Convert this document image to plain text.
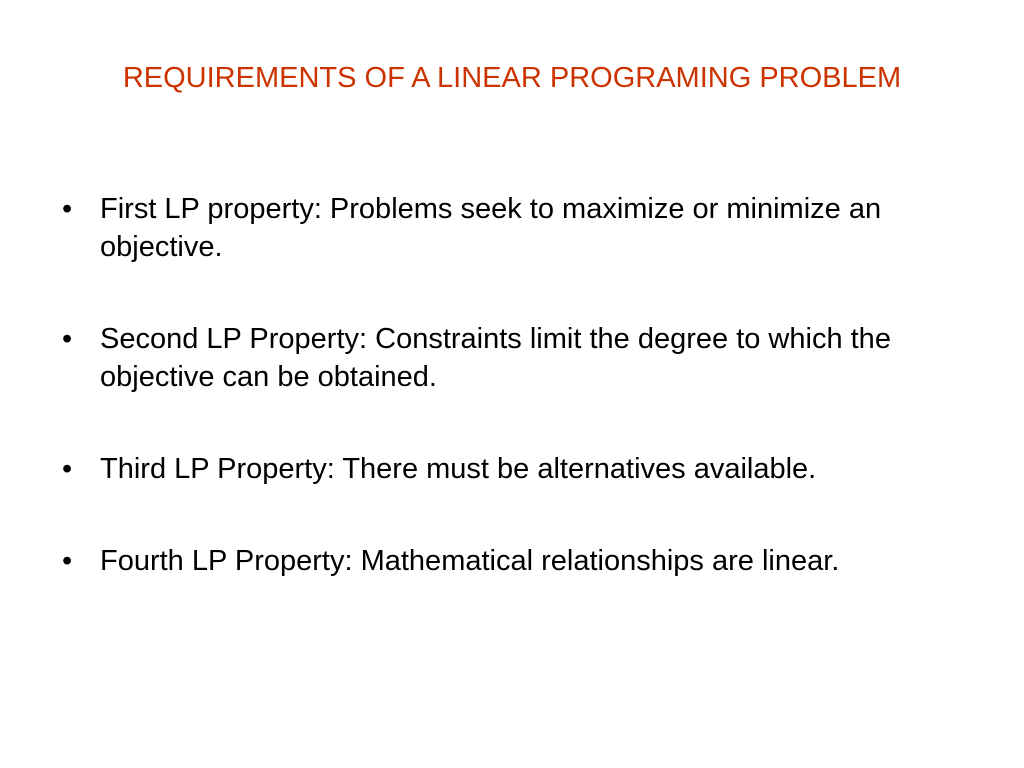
REQUIREMENTS OF A LINEAR PROGRAMING PROBLEM
• First LP property: Problems seek to maximize or minimize an objective.
• Second LP Property: Constraints limit the degree to which the objective can be obtained.
• Third LP Property: There must be alternatives available.
• Fourth LP Property: Mathematical relationships are linear.
